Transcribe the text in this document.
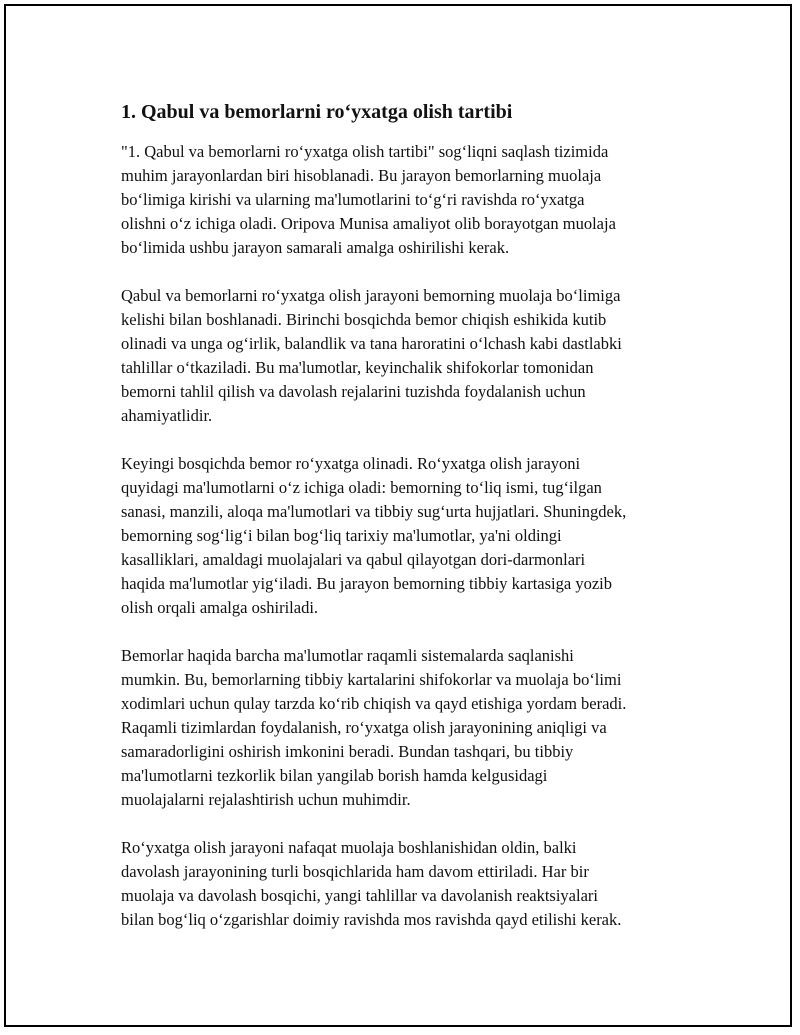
1. Qabul va bemorlarni ro‘yxatga olish tartibi

"1. Qabul va bemorlarni ro‘yxatga olish tartibi" sog‘liqni saqlash tizimida
muhim jarayonlardan biri hisoblanadi. Bu jarayon bemorlarning muolaja
bo‘limiga kirishi va ularning ma'lumotlarini to‘g‘ri ravishda ro‘yxatga
olishni o‘z ichiga oladi. Oripova Munisa amaliyot olib borayotgan muolaja
bo‘limida ushbu jarayon samarali amalga oshirilishi kerak.

Qabul va bemorlarni ro‘yxatga olish jarayoni bemorning muolaja bo‘limiga
kelishi bilan boshlanadi. Birinchi bosqichda bemor chiqish eshikida kutib
olinadi va unga og‘irlik, balandlik va tana haroratini o‘lchash kabi dastlabki
tahlillar o‘tkaziladi. Bu ma'lumotlar, keyinchalik shifokorlar tomonidan
bemorni tahlil qilish va davolash rejalarini tuzishda foydalanish uchun
ahamiyatlidir.

Keyingi bosqichda bemor ro‘yxatga olinadi. Ro‘yxatga olish jarayoni
quyidagi ma'lumotlarni o‘z ichiga oladi: bemorning to‘liq ismi, tug‘ilgan
sanasi, manzili, aloqa ma'lumotlari va tibbiy sug‘urta hujjatlari. Shuningdek,
bemorning sog‘lig‘i bilan bog‘liq tarixiy ma'lumotlar, ya'ni oldingi
kasalliklari, amaldagi muolajalari va qabul qilayotgan dori-darmonlari
haqida ma'lumotlar yig‘iladi. Bu jarayon bemorning tibbiy kartasiga yozib
olish orqali amalga oshiriladi.

Bemorlar haqida barcha ma'lumotlar raqamli sistemalarda saqlanishi
mumkin. Bu, bemorlarning tibbiy kartalarini shifokorlar va muolaja bo‘limi
xodimlari uchun qulay tarzda ko‘rib chiqish va qayd etishiga yordam beradi.
Raqamli tizimlardan foydalanish, ro‘yxatga olish jarayonining aniqligi va
samaradorligini oshirish imkonini beradi. Bundan tashqari, bu tibbiy
ma'lumotlarni tezkorlik bilan yangilab borish hamda kelgusidagi
muolajalarni rejalashtirish uchun muhimdir.

Ro‘yxatga olish jarayoni nafaqat muolaja boshlanishidan oldin, balki
davolash jarayonining turli bosqichlarida ham davom ettiriladi. Har bir
muolaja va davolash bosqichi, yangi tahlillar va davolanish reaktsiyalari
bilan bog‘liq o‘zgarishlar doimiy ravishda mos ravishda qayd etilishi kerak.
